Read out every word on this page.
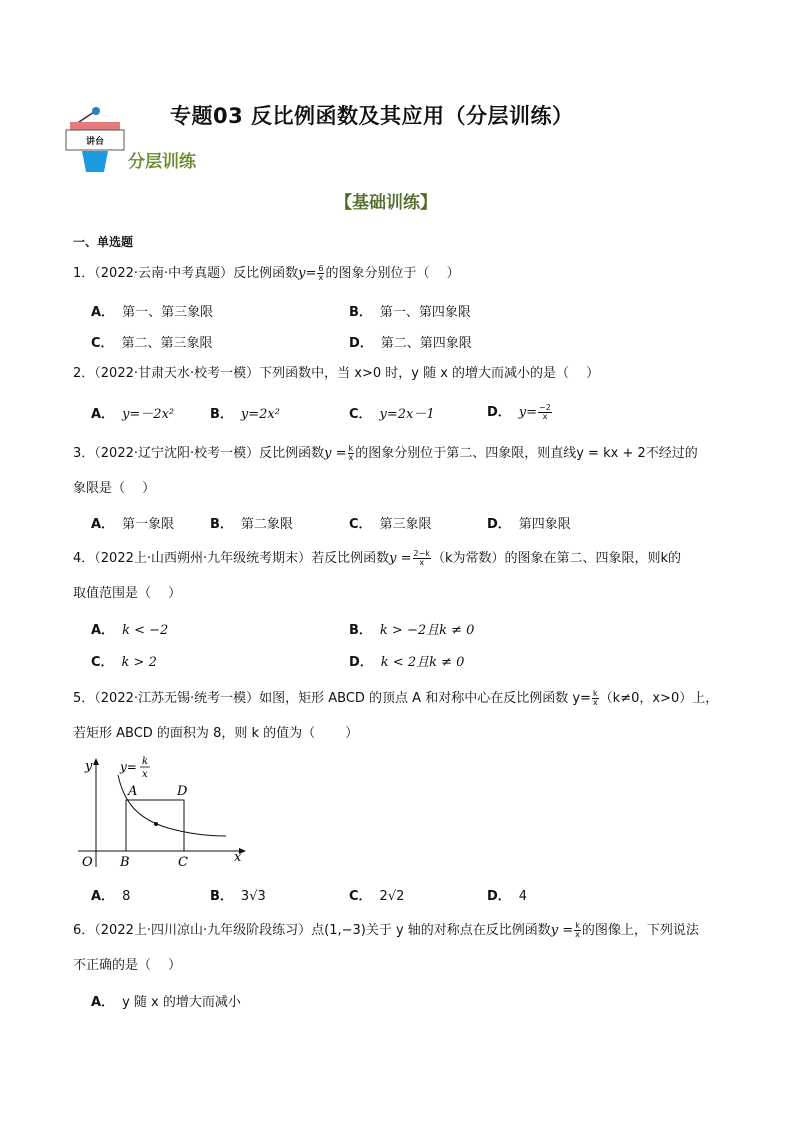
讲台
专题03 反比例函数及其应用（分层训练）
分层训练
【基础训练】
一、单选题
1．（2022·云南·中考真题）反比例函数$y= \frac{6}{x}$ 的图象分别位于（　 ）
A． 第一、第三象限	B． 第一、第四象限
C． 第二、第三象限	D． 第二、第四象限
2．（2022·甘肃天水·校考一模）下列函数中，当 x>0 时，y 随 x 的增大而减小的是（　 ）
A． y=－2x²	B． y=2x²	C． y=2x－1	D． $y= \frac{-2}{x}$
3．（2022·辽宁沈阳·校考一模）反比例函数$y = \frac{k}{x}$ 的图象分别位于第二、四象限，则直线y = kx + 2不经过的
象限是（　 ）
A． 第一象限	B． 第二象限	C． 第三象限	D． 第四象限
4．（2022上·山西朔州·九年级统考期末）若反比例函数$y = \frac{2-k}{x} (k$为常数）的图象在第二、四象限，则k的
取值范围是（　 ）
A． k < −2	B． k > −2且k ≠ 0
C． k > 2	D． k < 2且k ≠ 0
5．（2022·江苏无锡·统考一模）如图，矩形 ABCD 的顶点 A 和对称中心在反比例函数 $y= \frac{k}{x} (k\ne 0$，x>0）上，
若矩形 ABCD 的面积为 8，则 k 的值为（　　 ）
y
x
O
A
B	C
D
y= k
x
A． 8	B． 3√3	C． 2√2	D． 4
6．（2022上·四川凉山·九年级阶段练习）点(1,−3)关于 y 轴的对称点在反比例函数$y = \frac{k}{x}$ 的图像上，下列说法
不正确的是（　 ）
A． y 随 x 的增大而减小
